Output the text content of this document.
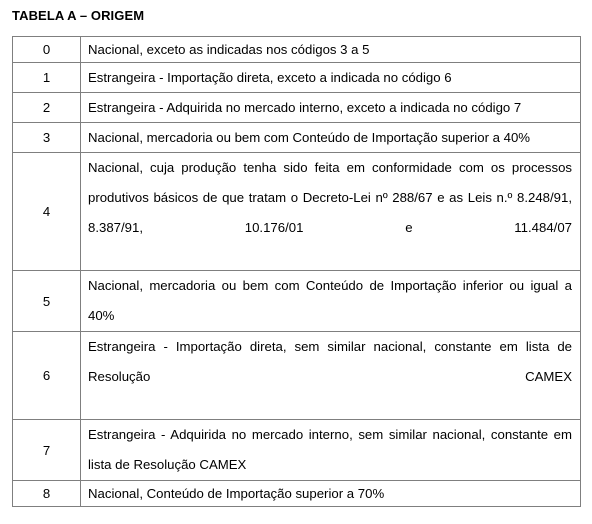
TABELA A – ORIGEM
0	Nacional, exceto as indicadas nos códigos 3 a 5
1	Estrangeira - Importação direta, exceto a indicada no código 6
2	Estrangeira - Adquirida no mercado interno, exceto a indicada no código 7
3	Nacional, mercadoria ou bem com Conteúdo de Importação superior a 40%
4	Nacional, cuja produção tenha sido feita em conformidade com os processos produtivos básicos de que tratam o Decreto-Lei nº 288/67 e as Leis n.º 8.248/91, 8.387/91, 10.176/01 e 11.484/07
5	Nacional, mercadoria ou bem com Conteúdo de Importação inferior ou igual a 40%
6	Estrangeira - Importação direta, sem similar nacional, constante em lista de Resolução CAMEX
7	Estrangeira - Adquirida no mercado interno, sem similar nacional, constante em lista de Resolução CAMEX
8	Nacional, Conteúdo de Importação superior a 70%
